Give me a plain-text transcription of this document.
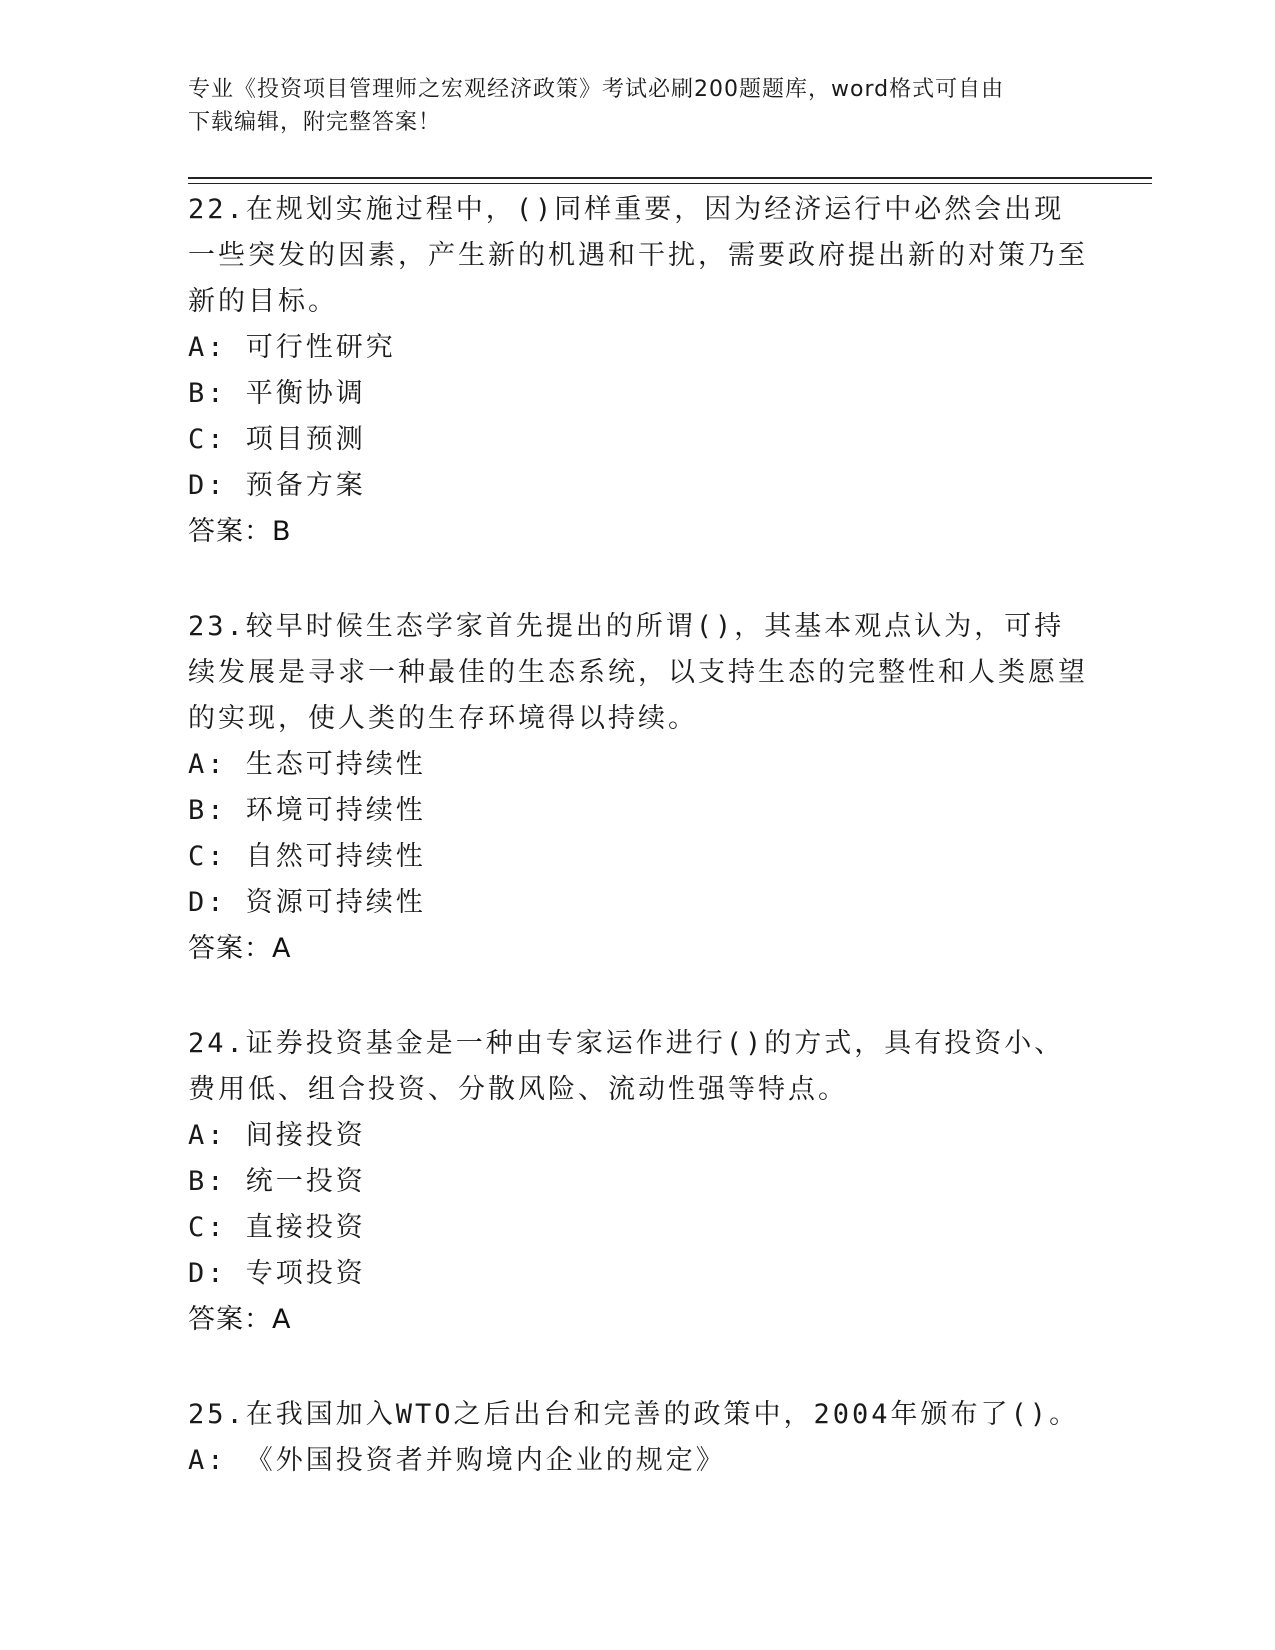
专业《投资项目管理师之宏观经济政策》考试必刷200题题库，word格式可自由
下载编辑，附完整答案！

22.在规划实施过程中，()同样重要，因为经济运行中必然会出现一些突发的因素，产生新的机遇和干扰，需要政府提出新的对策乃至新的目标。

A: 可行性研究

B: 平衡协调

C: 项目预测

D: 预备方案

答案：B

23.较早时候生态学家首先提出的所谓()，其基本观点认为，可持续发展是寻求一种最佳的生态系统，以支持生态的完整性和人类愿望的实现，使人类的生存环境得以持续。

A: 生态可持续性

B: 环境可持续性

C: 自然可持续性

D: 资源可持续性

答案：A

24.证券投资基金是一种由专家运作进行()的方式，具有投资小、费用低、组合投资、分散风险、流动性强等特点。

A: 间接投资

B: 统一投资

C: 直接投资

D: 专项投资

答案：A

25.在我国加入WTO之后出台和完善的政策中，2004年颁布了()。

A: 《外国投资者并购境内企业的规定》
